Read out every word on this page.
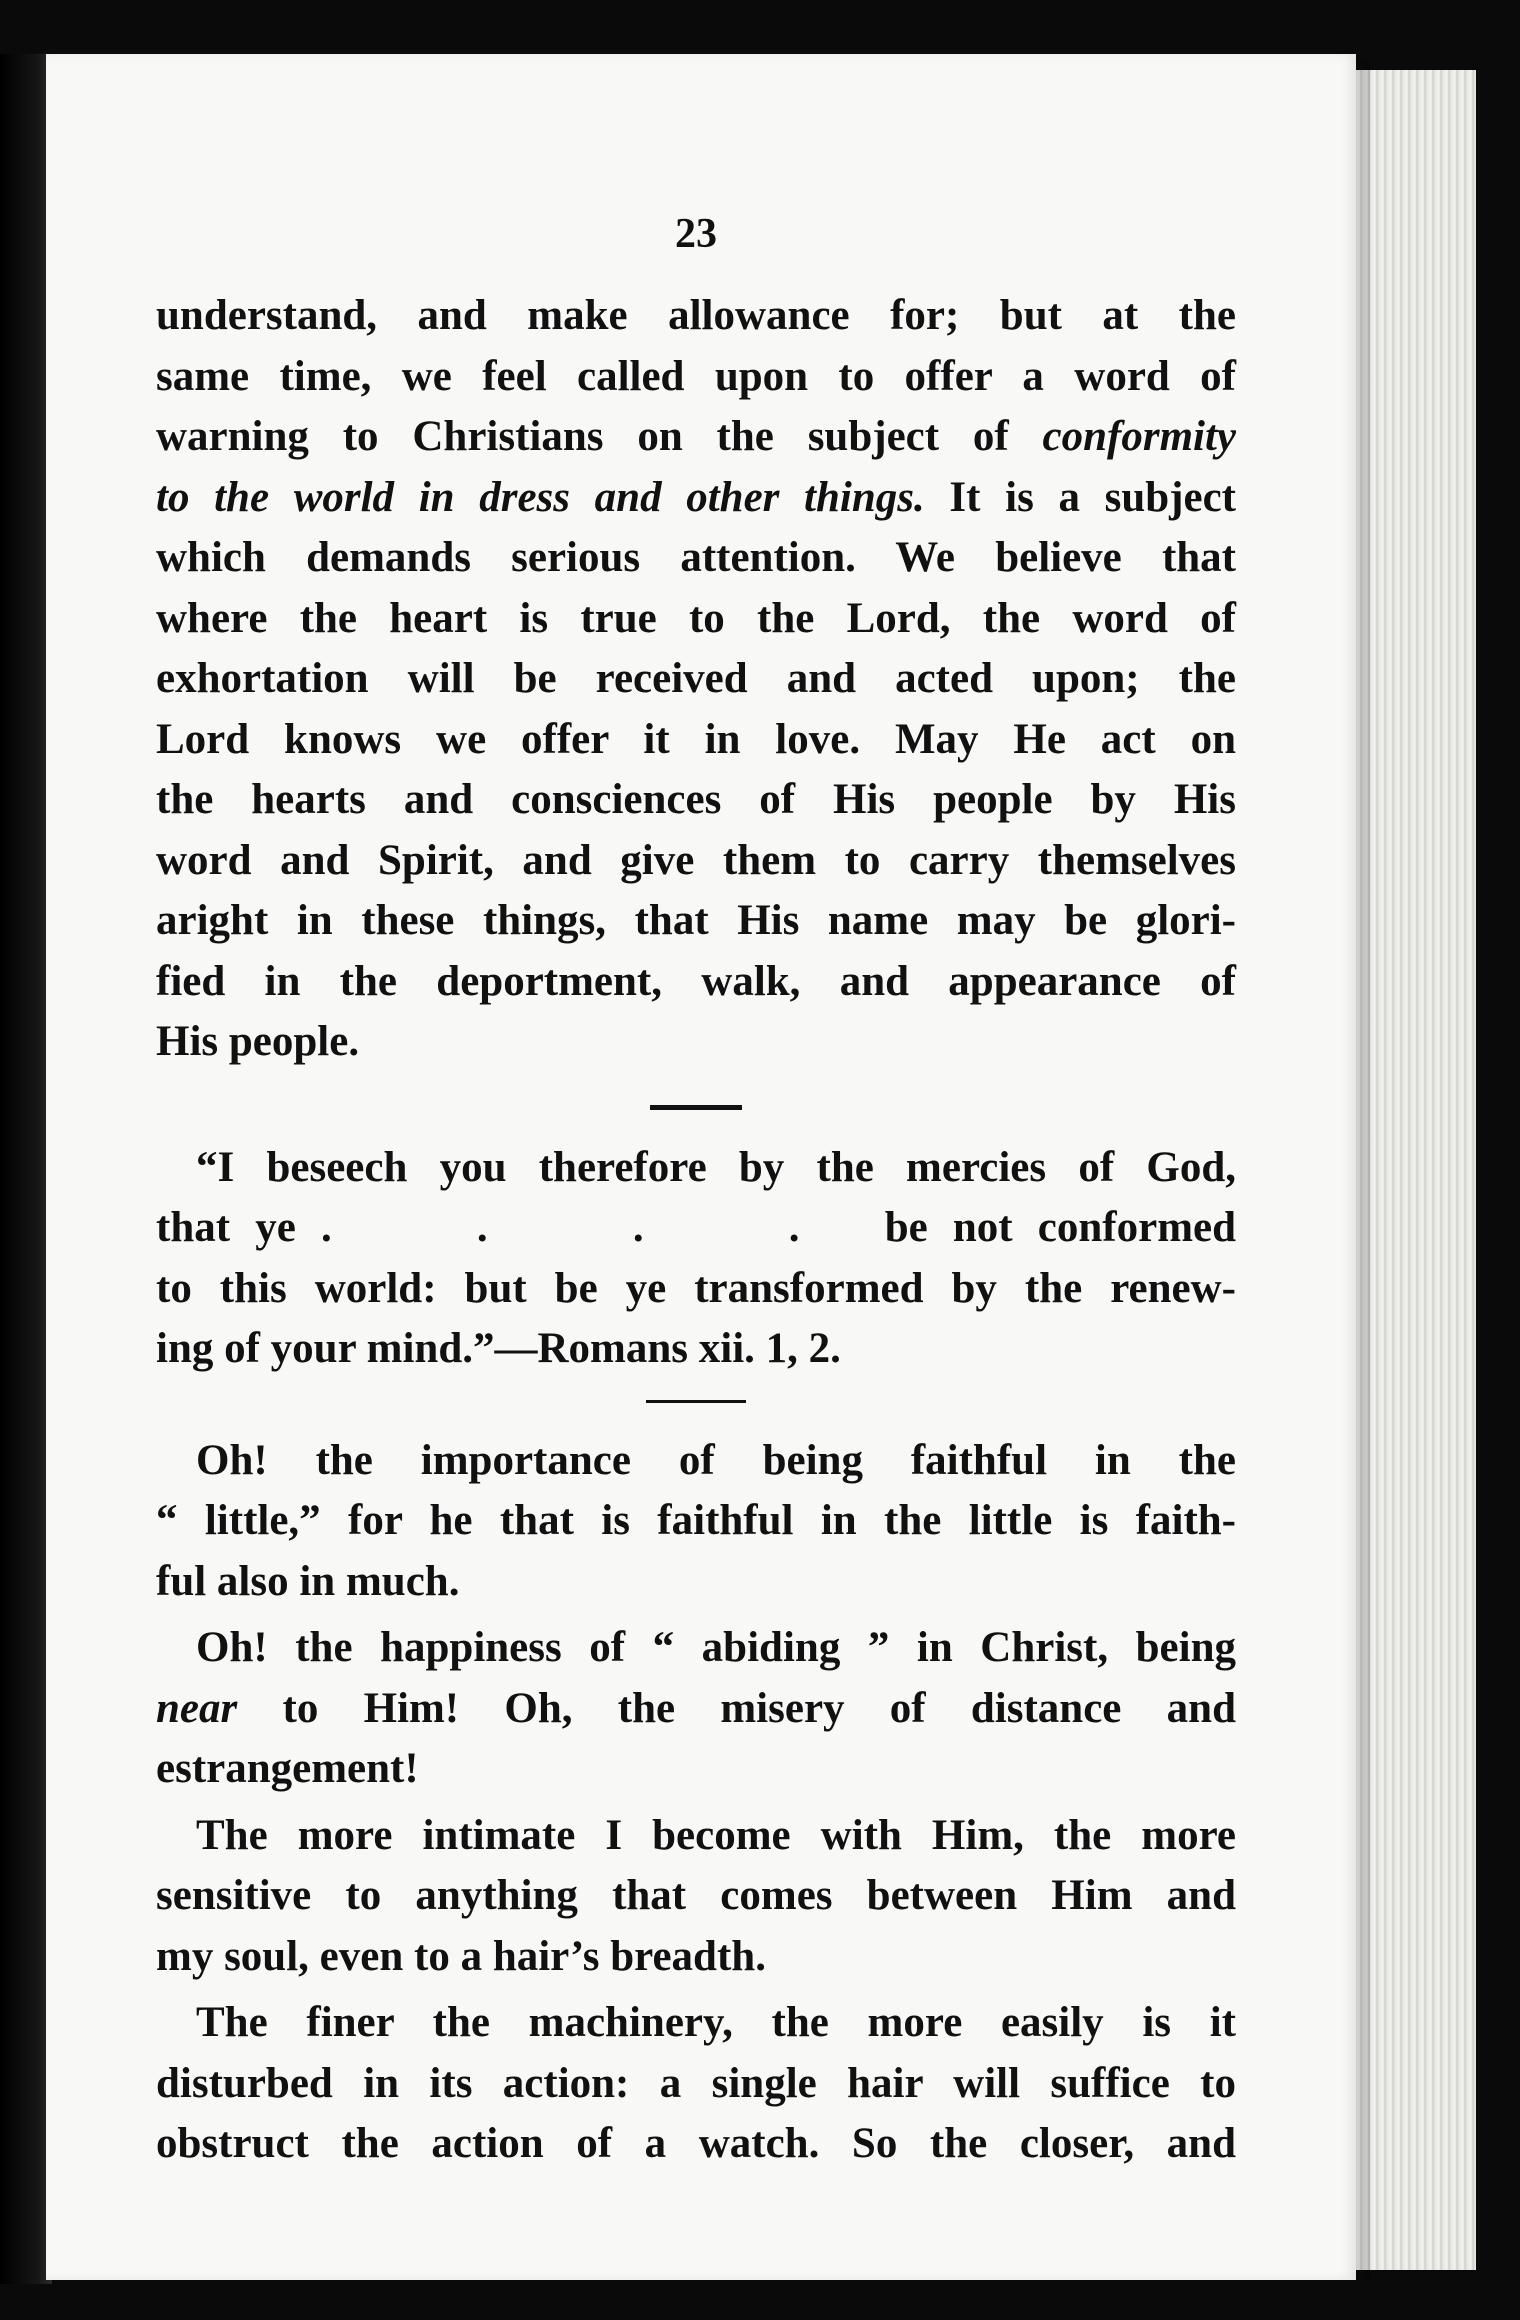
23

understand, and make allowance for; but at the
same time, we feel called upon to offer a word of
warning to Christians on the subject of conformity
to the world in dress and other things. It is a subject
which demands serious attention. We believe that
where the heart is true to the Lord, the word of
exhortation will be received and acted upon; the
Lord knows we offer it in love. May He act on
the hearts and consciences of His people by His
word and Spirit, and give them to carry themselves
aright in these things, that His name may be glori-
fied in the deportment, walk, and appearance of
His people.

“I beseech you therefore by the mercies of God,
that ye . . . . be not conformed
to this world: but be ye transformed by the renew-
ing of your mind.”—Romans xii. 1, 2.

Oh! the importance of being faithful in the
“ little,” for he that is faithful in the little is faith-
ful also in much.

Oh! the happiness of “ abiding ” in Christ, being
near to Him! Oh, the misery of distance and
estrangement!

The more intimate I become with Him, the more
sensitive to anything that comes between Him and
my soul, even to a hair’s breadth.

The finer the machinery, the more easily is it
disturbed in its action: a single hair will suffice to
obstruct the action of a watch. So the closer, and
